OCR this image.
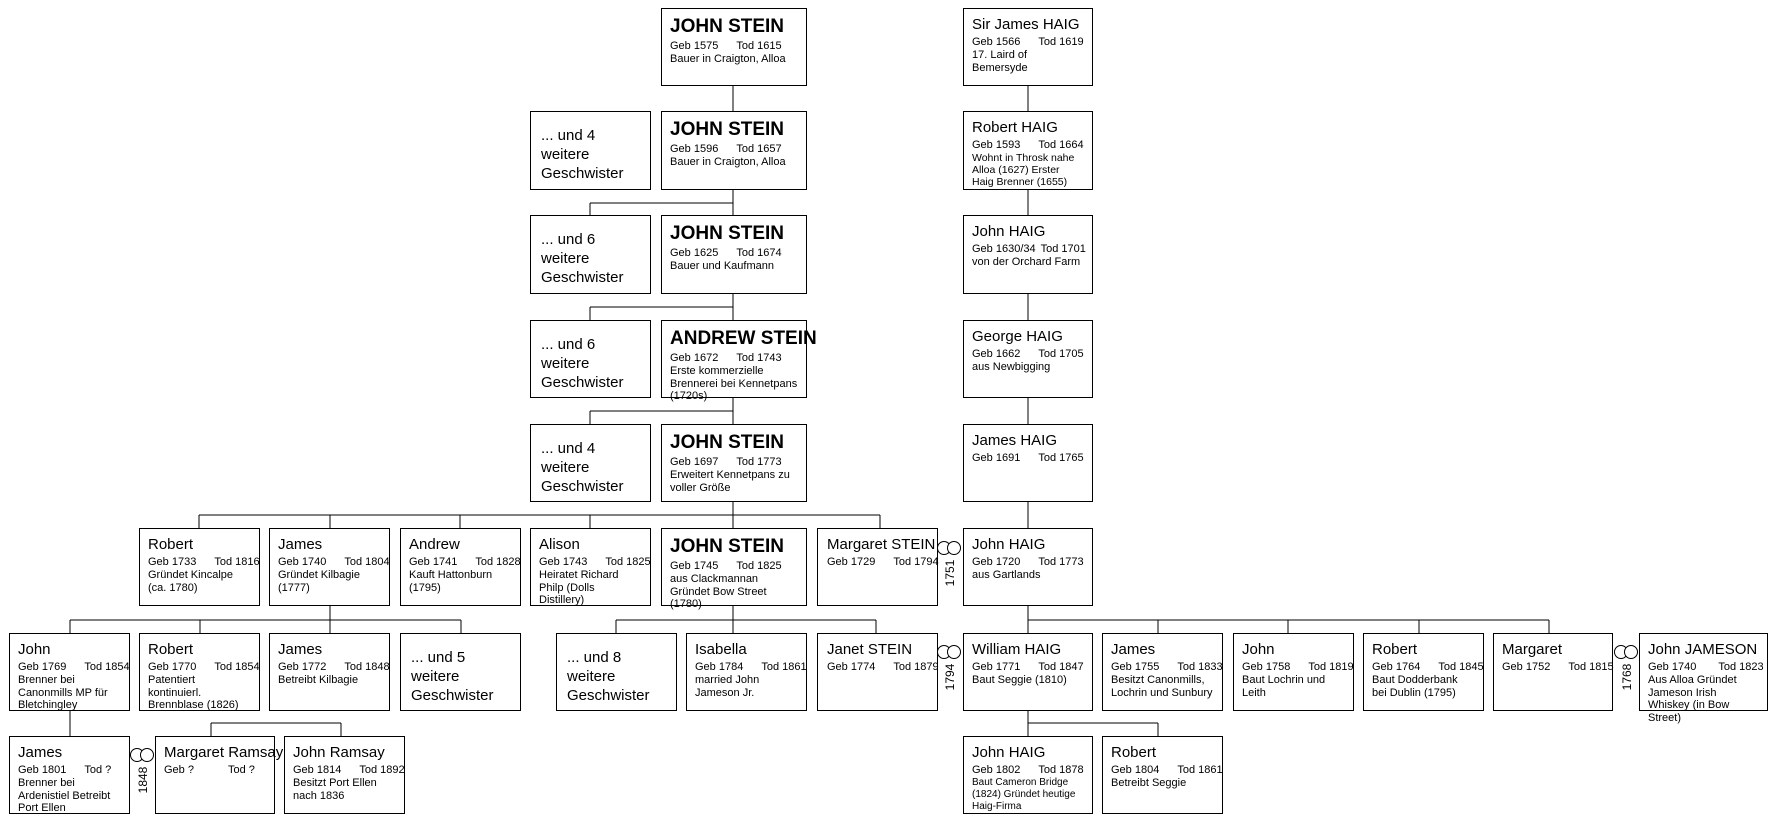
JOHN STEIN
Geb 1575 Tod 1615
Bauer in Craigton, Alloa
... und 4 weitere Geschwister
JOHN STEIN
Geb 1596 Tod 1657
Bauer in Craigton, Alloa
... und 6 weitere Geschwister
JOHN STEIN
Geb 1625 Tod 1674
Bauer und Kaufmann
... und 6 weitere Geschwister
ANDREW STEIN
Geb 1672 Tod 1743
Erste kommerzielle Brennerei bei Kennetpans (1720s)
... und 4 weitere Geschwister
JOHN STEIN
Geb 1697 Tod 1773
Erweitert Kennetpans zu voller Größe
Robert
Geb 1733 Tod 1816
Gründet Kincalpe (ca. 1780)
James
Geb 1740 Tod 1804
Gründet Kilbagie (1777)
Andrew
Geb 1741 Tod 1828
Kauft Hattonburn (1795)
Alison
Geb 1743 Tod 1825
Heiratet Richard Philp (Dolls Distillery)
JOHN STEIN
Geb 1745 Tod 1825
aus Clackmannan Gründet Bow Street (1780)
Margaret STEIN
Geb 1729 Tod 1794
John
Geb 1769 Tod 1854
Brenner bei Canonmills MP für Bletchingley
Robert
Geb 1770 Tod 1854
Patentiert kontinuierl. Brennblase (1826)
James
Geb 1772 Tod 1848
Betreibt Kilbagie
... und 5 weitere Geschwister
... und 8 weitere Geschwister
Isabella
Geb 1784 Tod 1861
married John Jameson Jr.
Janet STEIN
Geb 1774 Tod 1879
James
Geb 1801 Tod ?
Brenner bei Ardenistiel Betreibt Port Ellen
Margaret Ramsay
Geb ?	Tod ?
John Ramsay
Geb 1814 Tod 1892
Besitzt Port Ellen nach 1836
Sir James HAIG
Geb 1566 Tod 1619
17. Laird of Bemersyde
Robert HAIG
Geb 1593 Tod 1664
Wohnt in Throsk nahe Alloa (1627) Erster Haig Brenner (1655)
John HAIG
Geb 1630/34 Tod 1701
von der Orchard Farm
George HAIG
Geb 1662 Tod 1705
aus Newbigging
James HAIG
Geb 1691 Tod 1765
John HAIG
Geb 1720 Tod 1773
aus Gartlands
William HAIG
Geb 1771 Tod 1847
Baut Seggie (1810)
James
Geb 1755 Tod 1833
Besitzt Canonmills, Lochrin und Sunbury
John
Geb 1758 Tod 1819
Baut Lochrin und Leith
Robert
Geb 1764 Tod 1845
Baut Dodderbank bei Dublin (1795)
Margaret
Geb 1752 Tod 1815
John JAMESON
Geb 1740 Tod 1823
Aus Alloa Gründet Jameson Irish Whiskey (in Bow Street)
John HAIG
Geb 1802 Tod 1878
Baut Cameron Bridge (1824) Gründet heutige Haig-Firma
Robert
Geb 1804 Tod 1861
Betreibt Seggie
1751
1794	1768
1848
